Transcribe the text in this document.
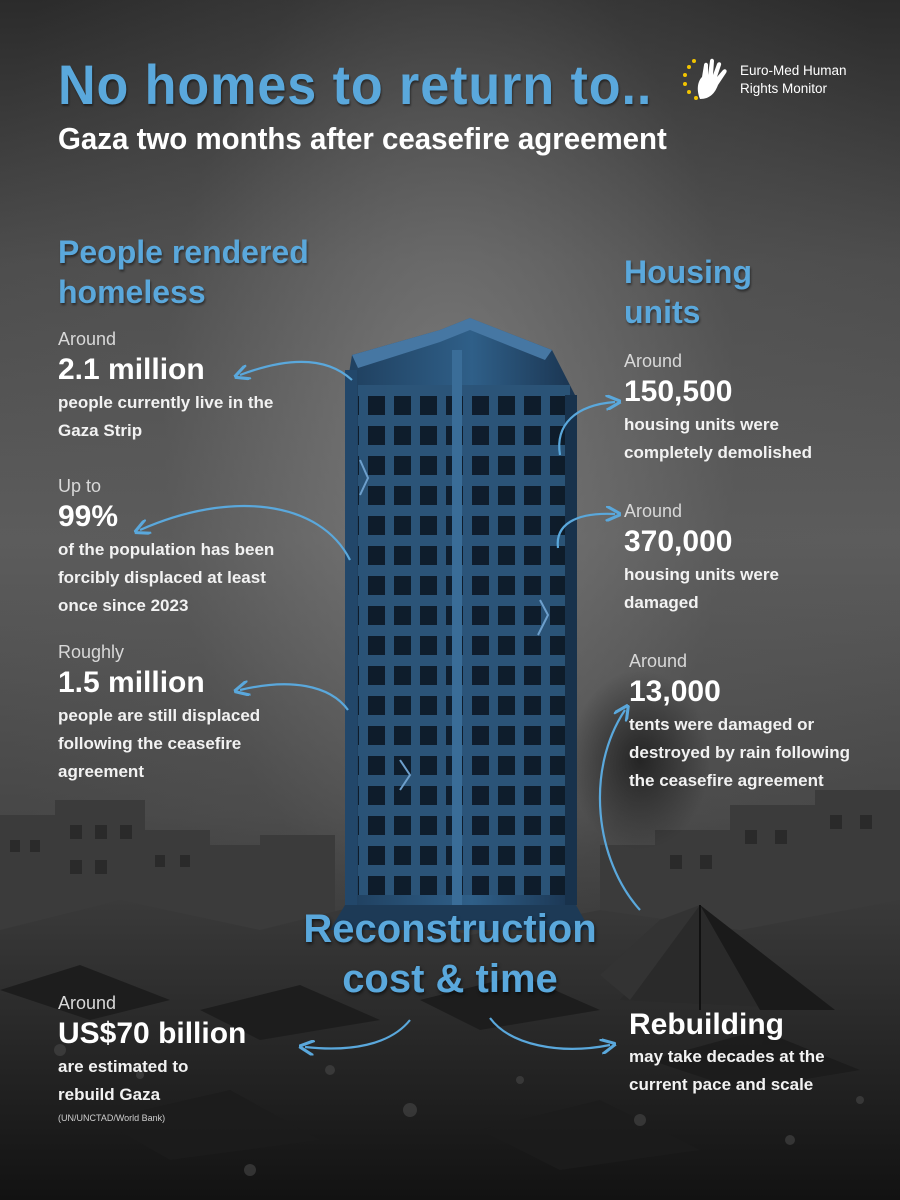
No homes to return to..
Gaza two months after ceasefire agreement
Euro-Med Human
Rights Monitor
People rendered homeless
Around
2.1 million
people currently live in the Gaza Strip
Up to
99%
of the population has been forcibly displaced at least once since 2023
Roughly
1.5 million
people are still displaced following the ceasefire agreement
Housing units
Around
150,500
housing units were completely demolished
Around
370,000
housing units were damaged
Around
13,000
tents were damaged or destroyed by rain following the ceasefire agreement
Reconstruction cost & time
Around
US$70 billion
are estimated to rebuild Gaza
(UN/UNCTAD/World Bank)
Rebuilding
may take decades at the current pace and scale
